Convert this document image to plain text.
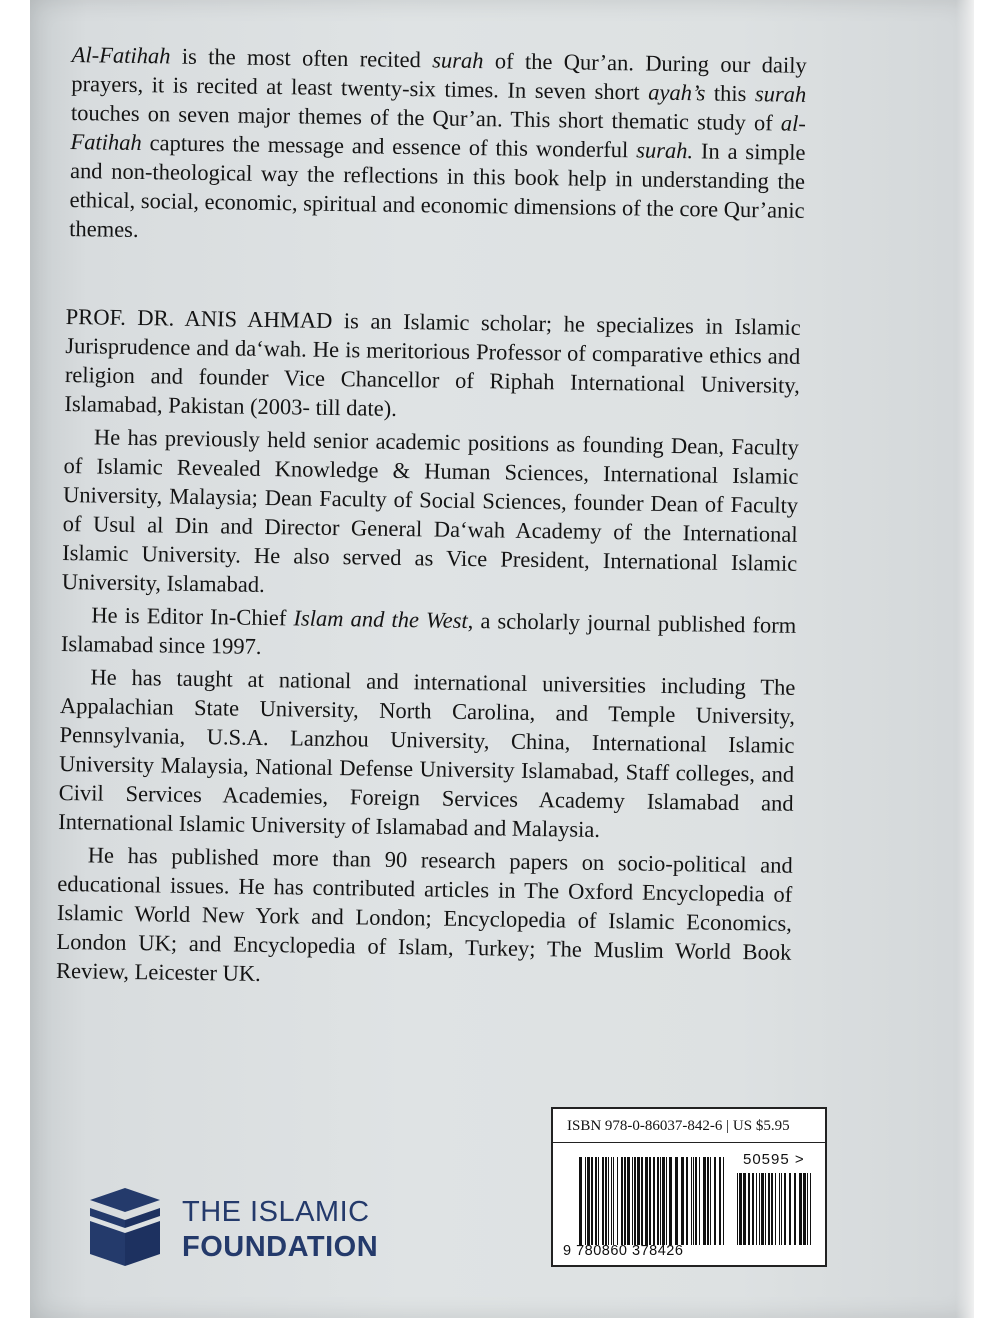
Al-Fatihah is the most often recited surah of the Qur’an. During our daily prayers, it is recited at least twenty-six times. In seven short ayah’s this surah touches on seven major themes of the Qur’an. This short thematic study of al-Fatihah captures the message and essence of this wonderful surah. In a simple and non-theological way the reflections in this book help in understanding the ethical, social, economic, spiritual and economic dimensions of the core Qur’anic themes.

PROF. DR. ANIS AHMAD is an Islamic scholar; he specializes in Islamic Jurisprudence and da‘wah. He is meritorious Professor of comparative ethics and religion and founder Vice Chancellor of Riphah International University, Islamabad, Pakistan (2003- till date).

He has previously held senior academic positions as founding Dean, Faculty of Islamic Revealed Knowledge & Human Sciences, International Islamic University, Malaysia; Dean Faculty of Social Sciences, founder Dean of Faculty of Usul al Din and Director General Da‘wah Academy of the International Islamic University. He also served as Vice President, International Islamic University, Islamabad.

He is Editor In-Chief Islam and the West, a scholarly journal published form Islamabad since 1997.

He has taught at national and international universities including The Appalachian State University, North Carolina, and Temple University, Pennsylvania, U.S.A. Lanzhou University, China, International Islamic University Malaysia, National Defense University Islamabad, Staff colleges, and Civil Services Academies, Foreign Services Academy Islamabad and International Islamic University of Islamabad and Malaysia.

He has published more than 90 research papers on socio-political and educational issues. He has contributed articles in The Oxford Encyclopedia of Islamic World New York and London; Encyclopedia of Islamic Economics, London UK; and Encyclopedia of Islam, Turkey; The Muslim World Book Review, Leicester UK.

ISBN 978-0-86037-842-6 | US $5.95
50595 >
9 780860 378426
THE ISLAMIC
FOUNDATION
